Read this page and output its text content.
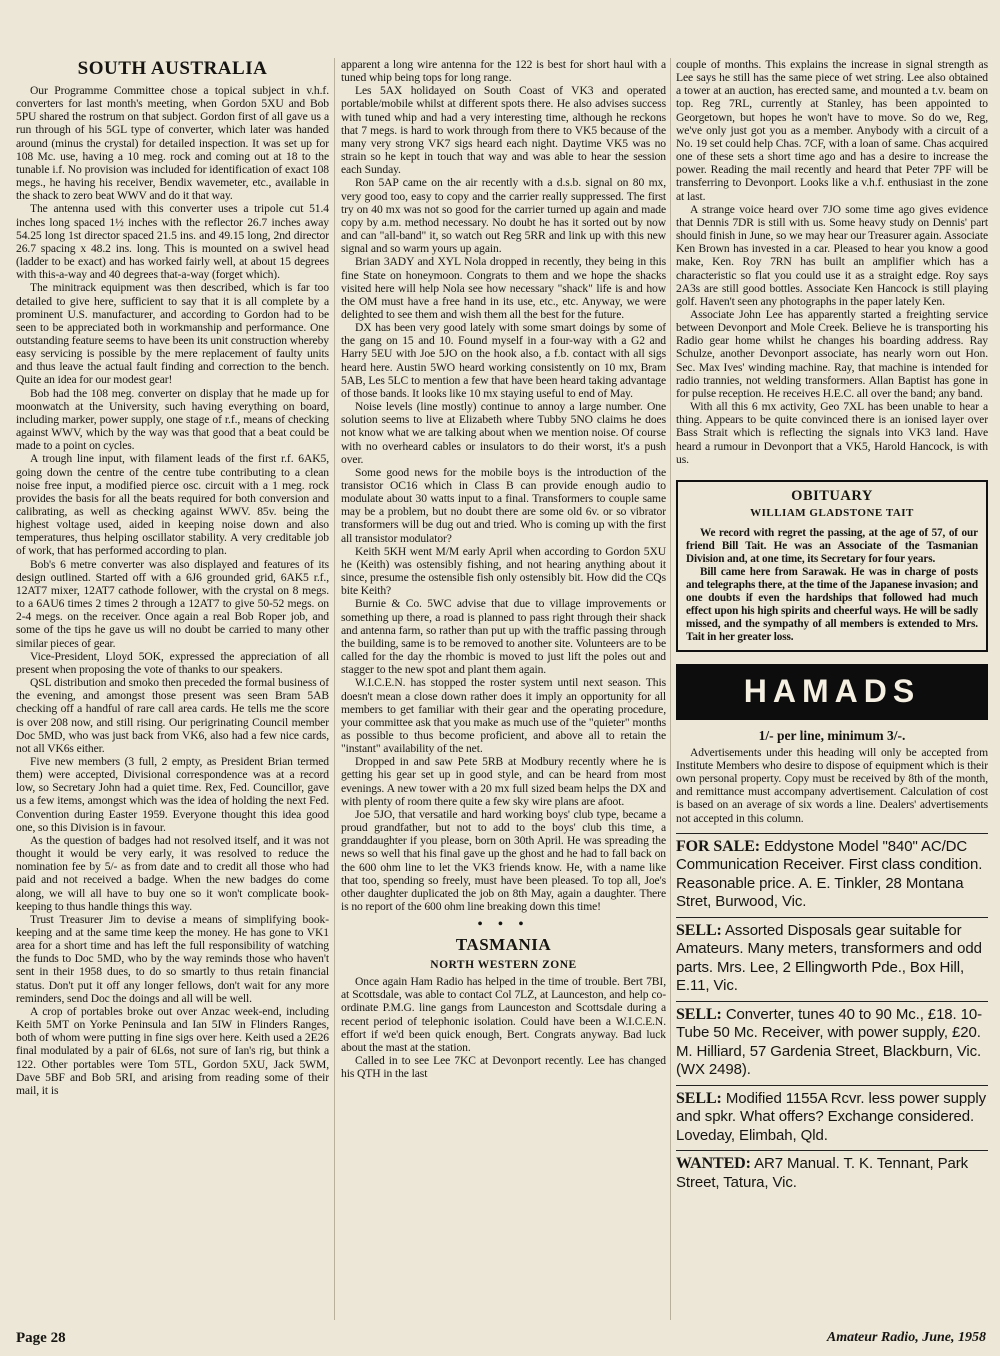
SOUTH AUSTRALIA

Our Programme Committee chose a topical subject in v.h.f. converters for last month's meeting, when Gordon 5XU and Bob 5PU shared the rostrum on that subject. Gordon first of all gave us a run through of his 5GL type of converter, which later was handed around (minus the crystal) for detailed inspection. It was set up for 108 Mc. use, having a 10 meg. rock and coming out at 18 to the tunable i.f. No provision was included for identification of exact 108 megs., he having his receiver, Bendix wavemeter, etc., available in the shack to zero beat WWV and do it that way.

The antenna used with this converter uses a tripole cut 51.4 inches long spaced 1½ inches with the reflector 26.7 inches away 54.25 long 1st director spaced 21.5 ins. and 49.15 long, 2nd director 26.7 spacing x 48.2 ins. long. This is mounted on a swivel head (ladder to be exact) and has worked fairly well, at about 15 degrees with this-a-way and 40 degrees that-a-way (forget which).

The minitrack equipment was then described, which is far too detailed to give here, sufficient to say that it is all complete by a prominent U.S. manufacturer, and according to Gordon had to be seen to be appreciated both in workmanship and performance. One outstanding feature seems to have been its unit construction whereby easy servicing is possible by the mere replacement of faulty units and thus leave the actual fault finding and correction to the bench. Quite an idea for our modest gear!

Bob had the 108 meg. converter on display that he made up for moonwatch at the University, such having everything on board, including marker, power supply, one stage of r.f., means of checking against WWV, which by the way was that good that a beat could be made to a point on cycles.

A trough line input, with filament leads of the first r.f. 6AK5, going down the centre of the centre tube contributing to a clean noise free input, a modified pierce osc. circuit with a 1 meg. rock provides the basis for all the beats required for both conversion and calibrating, as well as checking against WWV. 85v. being the highest voltage used, aided in keeping noise down and also temperatures, thus helping oscillator stability. A very creditable job of work, that has performed according to plan.

Bob's 6 metre converter was also displayed and features of its design outlined. Started off with a 6J6 grounded grid, 6AK5 r.f., 12AT7 mixer, 12AT7 cathode follower, with the crystal on 8 megs. to a 6AU6 times 2 times 2 through a 12AT7 to give 50-52 megs. on 2-4 megs. on the receiver. Once again a real Bob Roper job, and some of the tips he gave us will no doubt be carried to many other similar pieces of gear.

Vice-President, Lloyd 5OK, expressed the appreciation of all present when proposing the vote of thanks to our speakers.

QSL distribution and smoko then preceded the formal business of the evening, and amongst those present was seen Bram 5AB checking off a handful of rare call area cards. He tells me the score is over 208 now, and still rising. Our perigrinating Council member Doc 5MD, who was just back from VK6, also had a few nice cards, not all VK6s either.

Five new members (3 full, 2 empty, as President Brian termed them) were accepted, Divisional correspondence was at a record low, so Secretary John had a quiet time. Rex, Fed. Councillor, gave us a few items, amongst which was the idea of holding the next Fed. Convention during Easter 1959. Everyone thought this idea good one, so this Division is in favour.

As the question of badges had not resolved itself, and it was not thought it would be very early, it was resolved to reduce the nomination fee by 5/- as from date and to credit all those who had paid and not received a badge. When the new badges do come along, we will all have to buy one so it won't complicate book-keeping to thus handle things this way.

Trust Treasurer Jim to devise a means of simplifying book-keeping and at the same time keep the money. He has gone to VK1 area for a short time and has left the full responsibility of watching the funds to Doc 5MD, who by the way reminds those who haven't sent in their 1958 dues, to do so smartly to thus retain financial status. Don't put it off any longer fellows, don't wait for any more reminders, send Doc the doings and all will be well.

A crop of portables broke out over Anzac week-end, including Keith 5MT on Yorke Peninsula and Ian 5IW in Flinders Ranges, both of whom were putting in fine sigs over here. Keith used a 2E26 final modulated by a pair of 6L6s, not sure of Ian's rig, but think a 122. Other portables were Tom 5TL, Gordon 5XU, Jack 5WM, Dave 5BF and Bob 5RI, and arising from reading some of their mail, it is

apparent a long wire antenna for the 122 is best for short haul with a tuned whip being tops for long range.

Les 5AX holidayed on South Coast of VK3 and operated portable/mobile whilst at different spots there. He also advises success with tuned whip and had a very interesting time, although he reckons that 7 megs. is hard to work through from there to VK5 because of the many very strong VK7 sigs heard each night. Daytime VK5 was no strain so he kept in touch that way and was able to hear the session each Sunday.

Ron 5AP came on the air recently with a d.s.b. signal on 80 mx, very good too, easy to copy and the carrier really suppressed. The first try on 40 mx was not so good for the carrier turned up again and made copy by a.m. method necessary. No doubt he has it sorted out by now and can "all-band" it, so watch out Reg 5RR and link up with this new signal and so warm yours up again.

Brian 3ADY and XYL Nola dropped in recently, they being in this fine State on honeymoon. Congrats to them and we hope the shacks visited here will help Nola see how necessary "shack" life is and how the OM must have a free hand in its use, etc., etc. Anyway, we were delighted to see them and wish them all the best for the future.

DX has been very good lately with some smart doings by some of the gang on 15 and 10. Found myself in a four-way with a G2 and Harry 5EU with Joe 5JO on the hook also, a f.b. contact with all sigs heard here. Austin 5WO heard working consistently on 10 mx, Bram 5AB, Les 5LC to mention a few that have been heard taking advantage of those bands. It looks like 10 mx staying useful to end of May.

Noise levels (line mostly) continue to annoy a large number. One solution seems to live at Elizabeth where Tubby 5NO claims he does not know what we are talking about when we mention noise. Of course with no overheard cables or insulators to do their worst, it's a push over.

Some good news for the mobile boys is the introduction of the transistor OC16 which in Class B can provide enough audio to modulate about 30 watts input to a final. Transformers to couple same may be a problem, but no doubt there are some old 6v. or so vibrator transformers will be dug out and tried. Who is coming up with the first all transistor modulator?

Keith 5KH went M/M early April when according to Gordon 5XU he (Keith) was ostensibly fishing, and not hearing anything about it since, presume the ostensible fish only ostensibly bit. How did the CQs bite Keith?

Burnie & Co. 5WC advise that due to village improvements or something up there, a road is planned to pass right through their shack and antenna farm, so rather than put up with the traffic passing through the building, same is to be removed to another site. Volunteers are to be called for the day the rhombic is moved to just lift the poles out and stagger to the new spot and plant them again.

W.I.C.E.N. has stopped the roster system until next season. This doesn't mean a close down rather does it imply an opportunity for all members to get familiar with their gear and the operating procedure, your committee ask that you make as much use of the "quieter" months as possible to thus become proficient, and above all to retain the "instant" availability of the net.

Dropped in and saw Pete 5RB at Modbury recently where he is getting his gear set up in good style, and can be heard from most evenings. A new tower with a 20 mx full sized beam helps the DX and with plenty of room there quite a few sky wire plans are afoot.

Joe 5JO, that versatile and hard working boys' club type, became a proud grandfather, but not to add to the boys' club this time, a granddaughter if you please, born on 30th April. He was spreading the news so well that his final gave up the ghost and he had to fall back on the 600 ohm line to let the VK3 friends know. He, with a name like that too, spending so freely, must have been pleased. To top all, Joe's other daughter duplicated the job on 8th May, again a daughter. There is no report of the 600 ohm line breaking down this time!

• • •
TASMANIA
NORTH WESTERN ZONE

Once again Ham Radio has helped in the time of trouble. Bert 7BI, at Scottsdale, was able to contact Col 7LZ, at Launceston, and help co-ordinate P.M.G. line gangs from Launceston and Scottsdale during a recent period of telephonic isolation. Could have been a W.I.C.E.N. effort if we'd been quick enough, Bert. Congrats anyway. Bad luck about the mast at the station.

Called in to see Lee 7KC at Devonport recently. Lee has changed his QTH in the last

couple of months. This explains the increase in signal strength as Lee says he still has the same piece of wet string. Lee also obtained a tower at an auction, has erected same, and mounted a t.v. beam on top. Reg 7RL, currently at Stanley, has been appointed to Georgetown, but hopes he won't have to move. So do we, Reg, we've only just got you as a member. Anybody with a circuit of a No. 19 set could help Chas. 7CF, with a loan of same. Chas acquired one of these sets a short time ago and has a desire to increase the power. Reading the mail recently and heard that Peter 7PF will be transferring to Devonport. Looks like a v.h.f. enthusiast in the zone at last.

A strange voice heard over 7JO some time ago gives evidence that Dennis 7DR is still with us. Some heavy study on Dennis' part should finish in June, so we may hear our Treasurer again. Associate Ken Brown has invested in a car. Pleased to hear you know a good make, Ken. Roy 7RN has built an amplifier which has a characteristic so flat you could use it as a straight edge. Roy says 2A3s are still good bottles. Associate Ken Hancock is still playing golf. Haven't seen any photographs in the paper lately Ken.

Associate John Lee has apparently started a freighting service between Devonport and Mole Creek. Believe he is transporting his Radio gear home whilst he changes his boarding address. Ray Schulze, another Devonport associate, has nearly worn out Hon. Sec. Max Ives' winding machine. Ray, that machine is intended for radio trannies, not welding transformers. Allan Baptist has gone in for pulse reception. He receives H.E.C. all over the band; any band.

With all this 6 mx activity, Geo 7XL has been unable to hear a thing. Appears to be quite convinced there is an ionised layer over Bass Strait which is reflecting the signals into VK3 land. Have heard a rumour in Devonport that a VK5, Harold Hancock, is with us.

OBITUARY
WILLIAM GLADSTONE TAIT

We record with regret the passing, at the age of 57, of our friend Bill Tait. He was an Associate of the Tasmanian Division and, at one time, its Secretary for four years.

Bill came here from Sarawak. He was in charge of posts and telegraphs there, at the time of the Japanese invasion; and one doubts if even the hardships that followed had much effect upon his high spirits and cheerful ways. He will be sadly missed, and the sympathy of all members is extended to Mrs. Tait in her greater loss.

HAMADS
1/- per line, minimum 3/-.

Advertisements under this heading will only be accepted from Institute Members who desire to dispose of equipment which is their own personal property. Copy must be received by 8th of the month, and remittance must accompany advertisement. Calculation of cost is based on an average of six words a line. Dealers' advertisements not accepted in this column.

FOR SALE: Eddystone Model "840" AC/DC Communication Receiver. First class condition. Reasonable price. A. E. Tinkler, 28 Montana Stret, Burwood, Vic.

SELL: Assorted Disposals gear suitable for Amateurs. Many meters, transformers and odd parts. Mrs. Lee, 2 Ellingworth Pde., Box Hill, E.11, Vic.

SELL: Converter, tunes 40 to 90 Mc., £18. 10-Tube 50 Mc. Receiver, with power supply, £20. M. Hilliard, 57 Gardenia Street, Blackburn, Vic. (WX 2498).

SELL: Modified 1155A Rcvr. less power supply and spkr. What offers? Exchange considered. Loveday, Elimbah, Qld.

WANTED: AR7 Manual. T. K. Tennant, Park Street, Tatura, Vic.

Page 28	Amateur Radio, June, 1958
